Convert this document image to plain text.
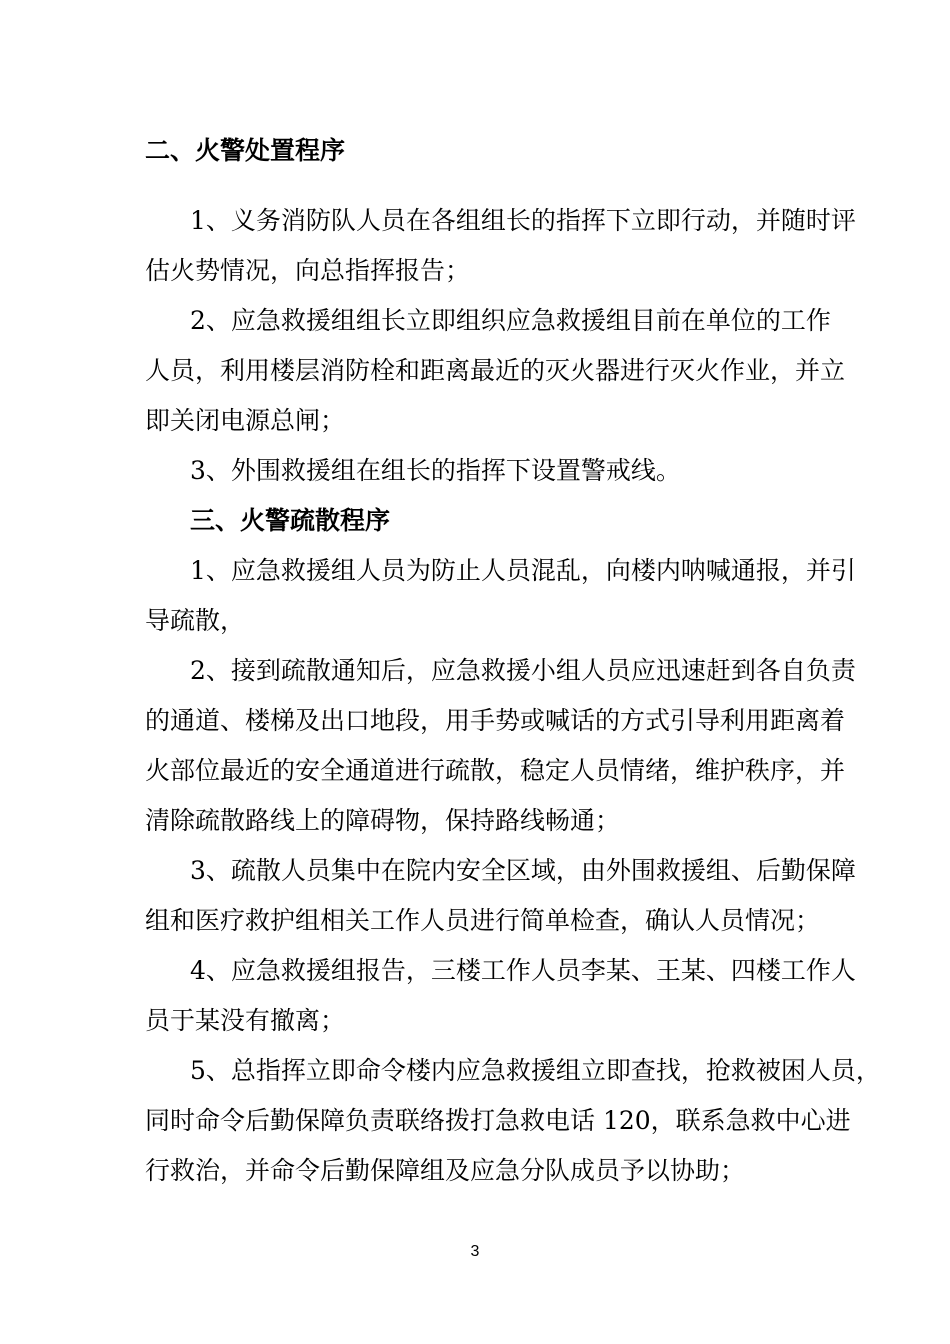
二、火警处置程序
1、义务消防队人员在各组组长的指挥下立即行动，并随时评
估火势情况，向总指挥报告；
2、应急救援组组长立即组织应急救援组目前在单位的工作
人员，利用楼层消防栓和距离最近的灭火器进行灭火作业，并立
即关闭电源总闸；
3、外围救援组在组长的指挥下设置警戒线。
三、火警疏散程序
1、应急救援组人员为防止人员混乱，向楼内呐喊通报，并引
导疏散，
2、接到疏散通知后，应急救援小组人员应迅速赶到各自负责
的通道、楼梯及出口地段，用手势或喊话的方式引导利用距离着
火部位最近的安全通道进行疏散，稳定人员情绪，维护秩序，并
清除疏散路线上的障碍物，保持路线畅通；
3、疏散人员集中在院内安全区域，由外围救援组、后勤保障
组和医疗救护组相关工作人员进行简单检查，确认人员情况；
4、应急救援组报告，三楼工作人员李某、王某、四楼工作人
员于某没有撤离；
5、总指挥立即命令楼内应急救援组立即查找，抢救被困人员，
同时命令后勤保障负责联络拨打急救电话 120，联系急救中心进
行救治，并命令后勤保障组及应急分队成员予以协助；
3
